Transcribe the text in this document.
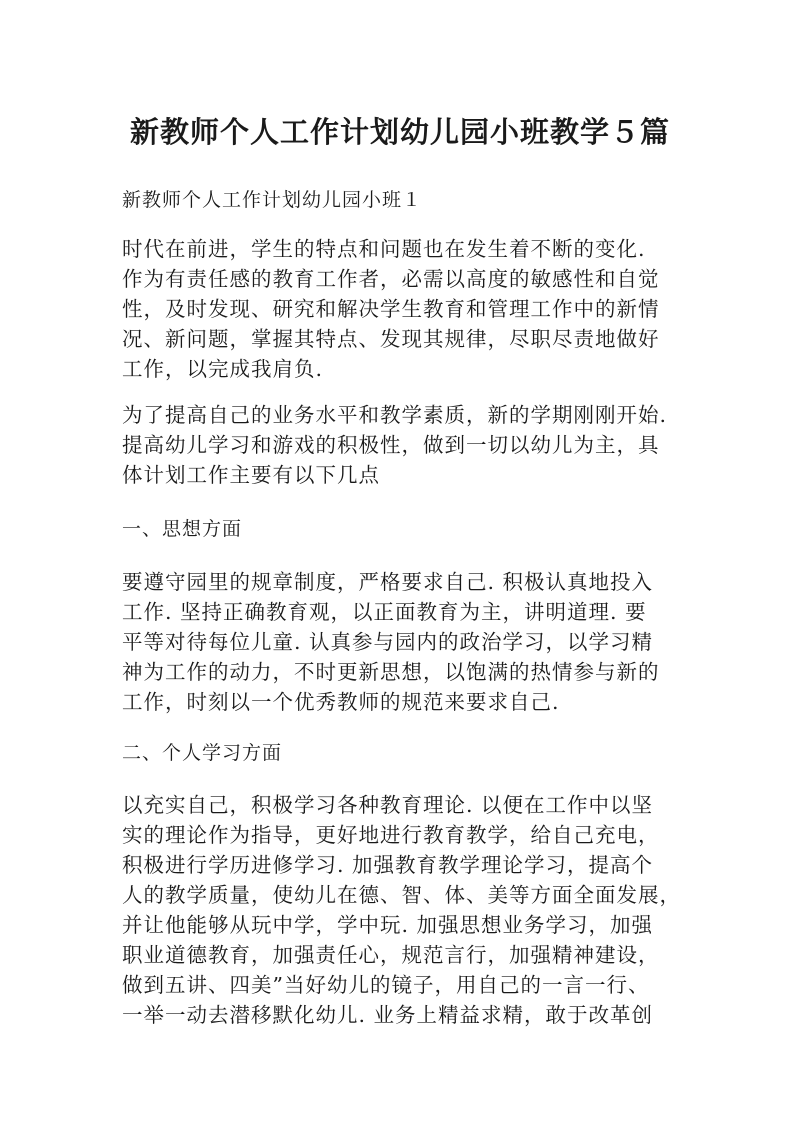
新教师个人工作计划幼儿园小班教学５篇
新教师个人工作计划幼儿园小班１
时代在前进，学生的特点和问题也在发生着不断的变化.
作为有责任感的教育工作者，必需以高度的敏感性和自觉
性，及时发现、研究和解决学生教育和管理工作中的新情
况、新问题，掌握其特点、发现其规律，尽职尽责地做好
工作，以完成我肩负.
为了提高自己的业务水平和教学素质，新的学期刚刚开始.
提高幼儿学习和游戏的积极性，做到一切以幼儿为主，具
体计划工作主要有以下几点
一、思想方面
要遵守园里的规章制度，严格要求自己. 积极认真地投入
工作. 坚持正确教育观，以正面教育为主，讲明道理. 要
平等对待每位儿童. 认真参与园内的政治学习，以学习精
神为工作的动力，不时更新思想，以饱满的热情参与新的
工作，时刻以一个优秀教师的规范来要求自己.
二、个人学习方面
以充实自己，积极学习各种教育理论. 以便在工作中以坚
实的理论作为指导，更好地进行教育教学，给自己充电，
积极进行学历进修学习. 加强教育教学理论学习，提高个
人的教学质量，使幼儿在德、智、体、美等方面全面发展，
并让他能够从玩中学，学中玩. 加强思想业务学习，加强
职业道德教育，加强责任心，规范言行，加强精神建设，
做到五讲、四美”当好幼儿的镜子，用自己的一言一行、
一举一动去潜移默化幼儿. 业务上精益求精，敢于改革创
